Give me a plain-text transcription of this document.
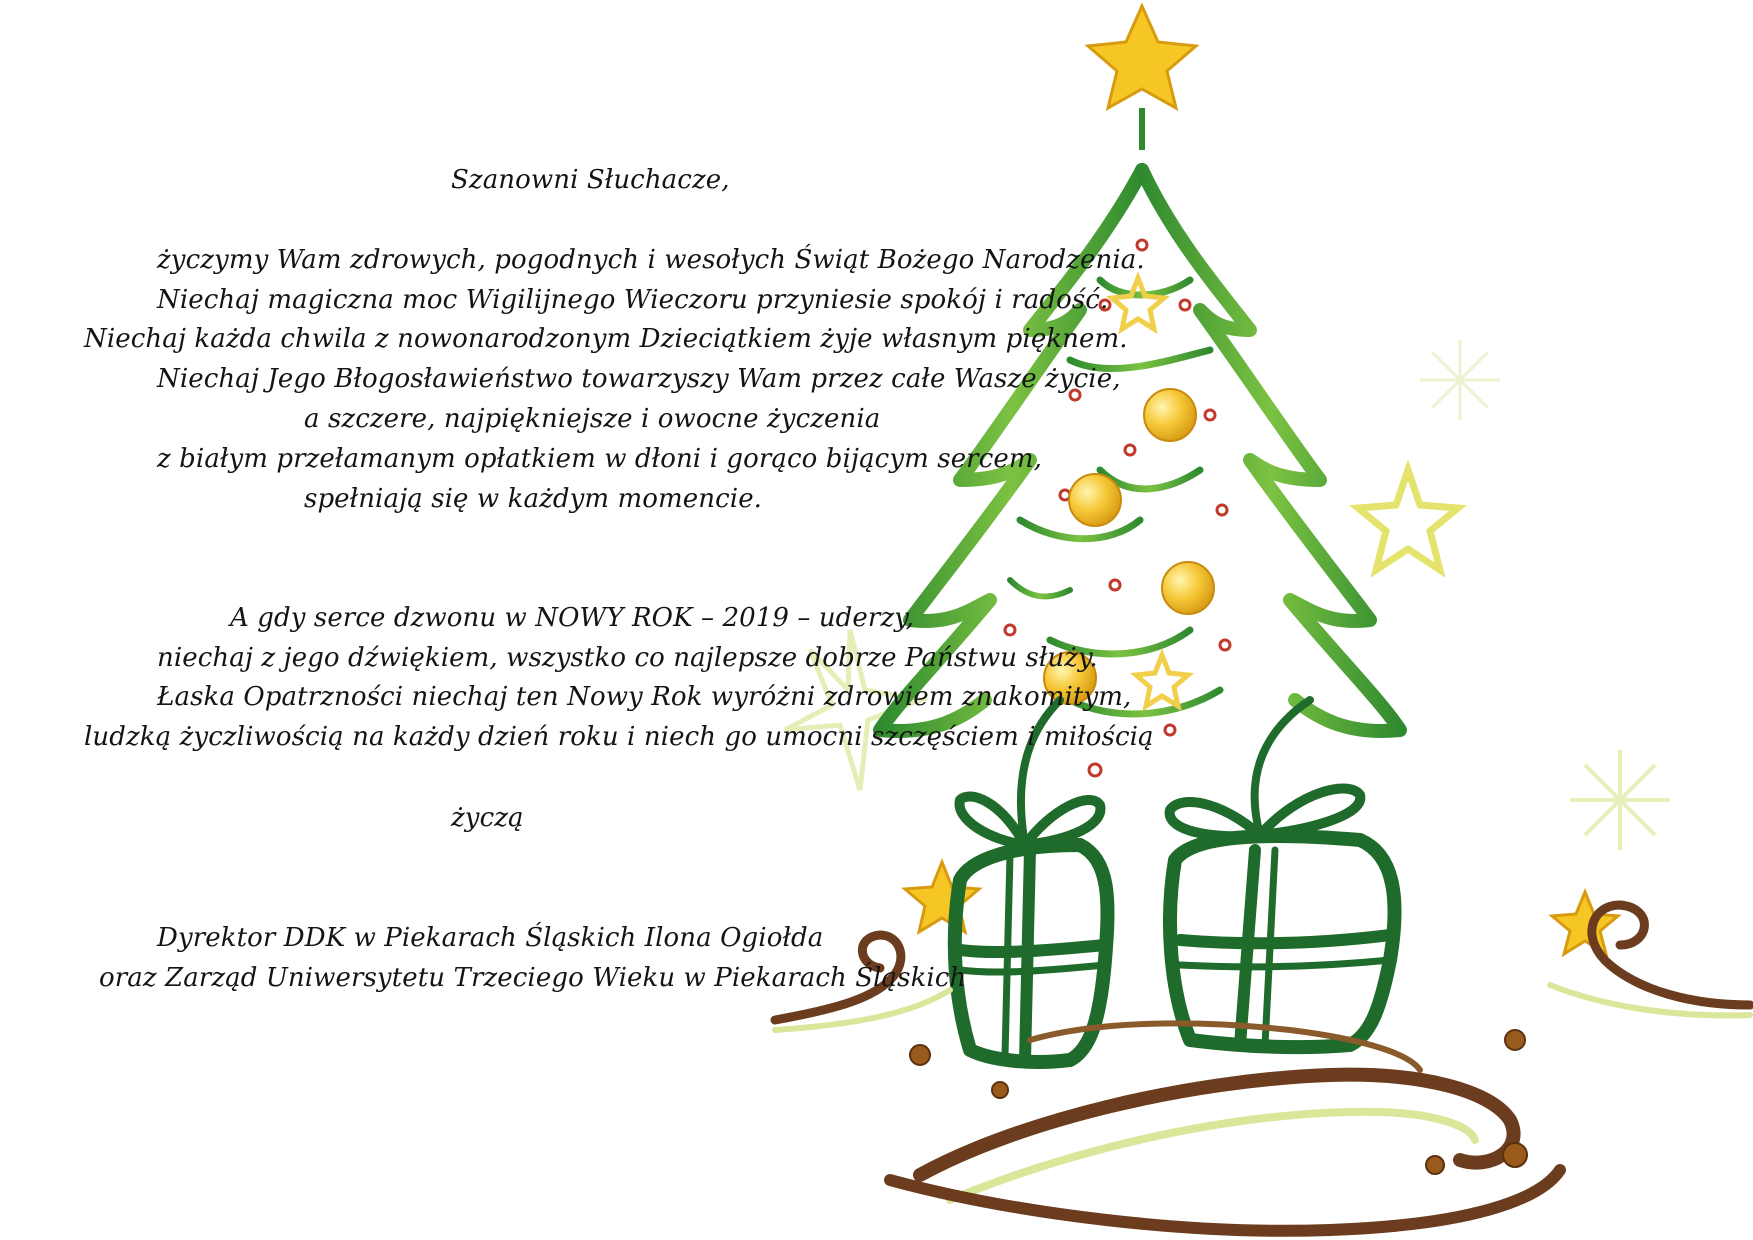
Szanowni Słuchacze,

życzymy Wam zdrowych, pogodnych i wesołych Świąt Bożego Narodzenia.

Niechaj magiczna moc Wigilijnego Wieczoru przyniesie spokój i radość.

Niechaj każda chwila z nowonarodzonym Dzieciątkiem żyje własnym pięknem.

Niechaj Jego Błogosławieństwo towarzyszy Wam przez całe Wasze życie,

a szczere, najpiękniejsze i owocne życzenia

z białym przełamanym opłatkiem w dłoni i gorąco bijącym sercem,

spełniają się w każdym momencie.

A gdy serce dzwonu w NOWY ROK – 2019 – uderzy,

niechaj z jego dźwiękiem, wszystko co najlepsze dobrze Państwu służy.

Łaska Opatrzności niechaj ten Nowy Rok wyróżni zdrowiem znakomitym,

ludzką życzliwością na każdy dzień roku i niech go umocni szczęściem i miłością

życzą

Dyrektor DDK w Piekarach Śląskich Ilona Ogiołda

oraz Zarząd Uniwersytetu Trzeciego Wieku w Piekarach Śląskich
